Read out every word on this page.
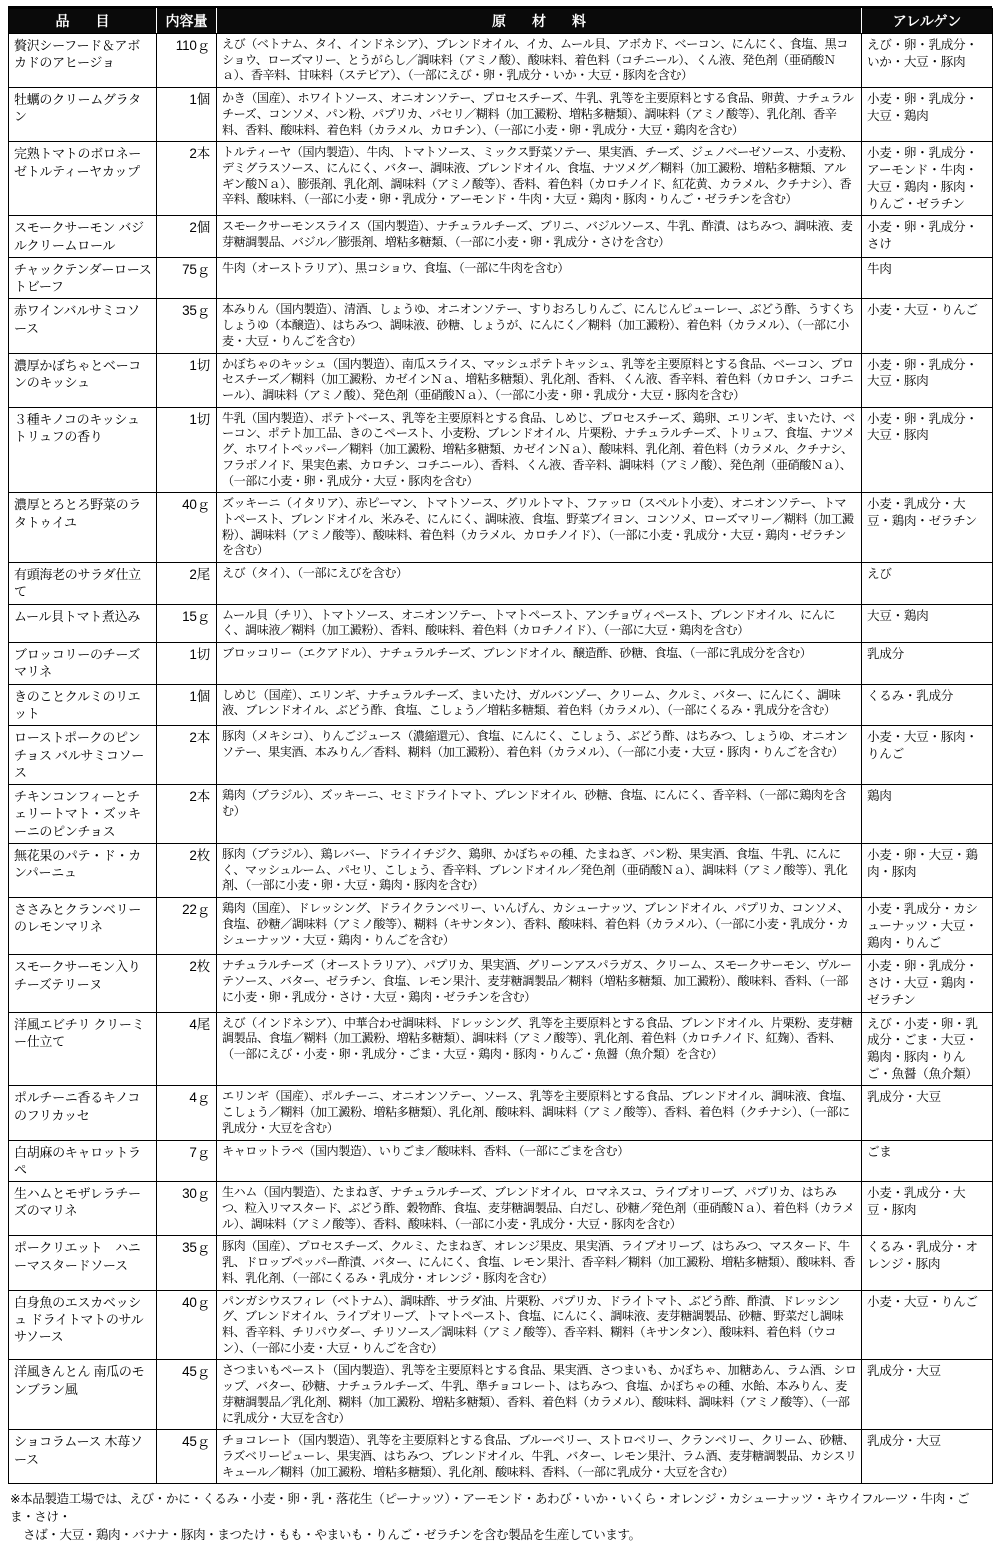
品　目	内容量	原　材　料	アレルゲン
贅沢シーフード＆アボカドのアヒージョ	110ｇ	えび（ベトナム、タイ、インドネシア）、ブレンドオイル、イカ、ムール貝、アボカド、ベーコン、にんにく、食塩、黒コショウ、ローズマリー、とうがらし／調味料（アミノ酸）、酸味料、着色料（コチニール）、くん液、発色剤（亜硝酸Ｎａ）、香辛料、甘味料（ステビア）、（一部にえび・卵・乳成分・いか・大豆・豚肉を含む）	えび・卵・乳成分・いか・大豆・豚肉
牡蠣のクリームグラタン	1個	かき（国産）、ホワイトソース、オニオンソテー、プロセスチーズ、牛乳、乳等を主要原料とする食品、卵黄、ナチュラルチーズ、コンソメ、パン粉、パプリカ、パセリ／糊料（加工澱粉、増粘多糖類）、調味料（アミノ酸等）、乳化剤、香辛料、香料、酸味料、着色料（カラメル、カロチン）、（一部に小麦・卵・乳成分・大豆・鶏肉を含む）	小麦・卵・乳成分・大豆・鶏肉
完熟トマトのボロネーゼトルティーヤカップ	2本	トルティーヤ（国内製造）、牛肉、トマトソース、ミックス野菜ソテー、果実酒、チーズ、ジェノベーゼソース、小麦粉、デミグラスソース、にんにく、バター、調味液、ブレンドオイル、食塩、ナツメグ／糊料（加工澱粉、増粘多糖類、アルギン酸Ｎａ）、膨張剤、乳化剤、調味料（アミノ酸等）、香料、着色料（カロチノイド、紅花黄、カラメル、クチナシ）、香辛料、酸味料、（一部に小麦・卵・乳成分・アーモンド・牛肉・大豆・鶏肉・豚肉・りんご・ゼラチンを含む）	小麦・卵・乳成分・アーモンド・牛肉・大豆・鶏肉・豚肉・りんご・ゼラチン
スモークサーモン バジルクリームロール	2個	スモークサーモンスライス（国内製造）、ナチュラルチーズ、ブリニ、バジルソース、牛乳、酢漬、はちみつ、調味液、麦芽糖調製品、バジル／膨張剤、増粘多糖類、（一部に小麦・卵・乳成分・さけを含む）	小麦・卵・乳成分・さけ
チャックテンダーローストビーフ	75ｇ	牛肉（オーストラリア）、黒コショウ、食塩、（一部に牛肉を含む）	牛肉
赤ワインバルサミコソース	35ｇ	本みりん（国内製造）、清酒、しょうゆ、オニオンソテー、すりおろしりんご、にんじんピューレー、ぶどう酢、うすくちしょうゆ（本醸造）、はちみつ、調味液、砂糖、しょうが、にんにく／糊料（加工澱粉）、着色料（カラメル）、（一部に小麦・大豆・りんごを含む）	小麦・大豆・りんご
濃厚かぼちゃとベーコンのキッシュ	1切	かぼちゃのキッシュ（国内製造）、南瓜スライス、マッシュポテトキッシュ、乳等を主要原料とする食品、ベーコン、プロセスチーズ／糊料（加工澱粉、カゼインＮａ、増粘多糖類）、乳化剤、香料、くん液、香辛料、着色料（カロチン、コチニール）、調味料（アミノ酸）、発色剤（亜硝酸Ｎａ）、（一部に小麦・卵・乳成分・大豆・豚肉を含む）	小麦・卵・乳成分・大豆・豚肉
３種キノコのキッシュ トリュフの香り	1切	牛乳（国内製造）、ポテトベース、乳等を主要原料とする食品、しめじ、プロセスチーズ、鶏卵、エリンギ、まいたけ、ベーコン、ポテト加工品、きのこペースト、小麦粉、ブレンドオイル、片栗粉、ナチュラルチーズ、トリュフ、食塩、ナツメグ、ホワイトペッパー／糊料（加工澱粉、増粘多糖類、カゼインＮａ）、酸味料、乳化剤、着色料（カラメル、クチナシ、フラボノイド、果実色素、カロチン、コチニール）、香料、くん液、香辛料、調味料（アミノ酸）、発色剤（亜硝酸Ｎａ）、（一部に小麦・卵・乳成分・大豆・豚肉を含む）	小麦・卵・乳成分・大豆・豚肉
濃厚とろとろ野菜のラタトゥイユ	40ｇ	ズッキーニ（イタリア）、赤ピーマン、トマトソース、グリルトマト、ファッロ（スペルト小麦）、オニオンソテー、トマトペースト、ブレンドオイル、米みそ、にんにく、調味液、食塩、野菜ブイヨン、コンソメ、ローズマリー／糊料（加工澱粉）、調味料（アミノ酸等）、酸味料、着色料（カラメル、カロチノイド）、（一部に小麦・乳成分・大豆・鶏肉・ゼラチンを含む）	小麦・乳成分・大豆・鶏肉・ゼラチン
有頭海老のサラダ仕立て	2尾	えび（タイ）、（一部にえびを含む）	えび
ムール貝トマト煮込み	15ｇ	ムール貝（チリ）、トマトソース、オニオンソテー、トマトペースト、アンチョヴィペースト、ブレンドオイル、にんにく、調味液／糊料（加工澱粉）、香料、酸味料、着色料（カロチノイド）、（一部に大豆・鶏肉を含む）	大豆・鶏肉
ブロッコリーのチーズマリネ	1切	ブロッコリー（エクアドル）、ナチュラルチーズ、ブレンドオイル、醸造酢、砂糖、食塩、（一部に乳成分を含む）	乳成分
きのことクルミのリエット	1個	しめじ（国産）、エリンギ、ナチュラルチーズ、まいたけ、ガルバンゾー、クリーム、クルミ、バター、にんにく、調味液、ブレンドオイル、ぶどう酢、食塩、こしょう／増粘多糖類、着色料（カラメル）、（一部にくるみ・乳成分を含む）	くるみ・乳成分
ローストポークのピンチョス バルサミコソース	2本	豚肉（メキシコ）、りんごジュース（濃縮還元）、食塩、にんにく、こしょう、ぶどう酢、はちみつ、しょうゆ、オニオンソテー、果実酒、本みりん／香料、糊料（加工澱粉）、着色料（カラメル）、（一部に小麦・大豆・豚肉・りんごを含む）	小麦・大豆・豚肉・りんご
チキンコンフィーとチェリートマト・ズッキーニのピンチョス	2本	鶏肉（ブラジル）、ズッキーニ、セミドライトマト、ブレンドオイル、砂糖、食塩、にんにく、香辛料、（一部に鶏肉を含む）	鶏肉
無花果のパテ・ド・カンパーニュ	2枚	豚肉（ブラジル）、鶏レバー、ドライイチジク、鶏卵、かぼちゃの種、たまねぎ、パン粉、果実酒、食塩、牛乳、にんにく、マッシュルーム、パセリ、こしょう、香辛料、ブレンドオイル／発色剤（亜硝酸Ｎａ）、調味料（アミノ酸等）、乳化剤、（一部に小麦・卵・大豆・鶏肉・豚肉を含む）	小麦・卵・大豆・鶏肉・豚肉
ささみとクランベリーのレモンマリネ	22ｇ	鶏肉（国産）、ドレッシング、ドライクランベリー、いんげん、カシューナッツ、ブレンドオイル、パプリカ、コンソメ、食塩、砂糖／調味料（アミノ酸等）、糊料（キサンタン）、香料、酸味料、着色料（カラメル）、（一部に小麦・乳成分・カシューナッツ・大豆・鶏肉・りんごを含む）	小麦・乳成分・カシューナッツ・大豆・鶏肉・りんご
スモークサーモン入りチーズテリーヌ	2枚	ナチュラルチーズ（オーストラリア）、パプリカ、果実酒、グリーンアスパラガス、クリーム、スモークサーモン、ヴルーテソース、バター、ゼラチン、食塩、レモン果汁、麦芽糖調製品／糊料（増粘多糖類、加工澱粉）、酸味料、香料、（一部に小麦・卵・乳成分・さけ・大豆・鶏肉・ゼラチンを含む）	小麦・卵・乳成分・さけ・大豆・鶏肉・ゼラチン
洋風エビチリ クリーミー仕立て	4尾	えび（インドネシア）、中華合わせ調味料、ドレッシング、乳等を主要原料とする食品、ブレンドオイル、片栗粉、麦芽糖調製品、食塩／糊料（加工澱粉、増粘多糖類）、調味料（アミノ酸等）、乳化剤、着色料（カロチノイド、紅麹）、香料、（一部にえび・小麦・卵・乳成分・ごま・大豆・鶏肉・豚肉・りんご・魚醤（魚介類）を含む）	えび・小麦・卵・乳成分・ごま・大豆・鶏肉・豚肉・りんご・魚醤（魚介類）
ポルチーニ香るキノコのフリカッセ	4ｇ	エリンギ（国産）、ポルチーニ、オニオンソテー、ソース、乳等を主要原料とする食品、ブレンドオイル、調味液、食塩、こしょう／糊料（加工澱粉、増粘多糖類）、乳化剤、酸味料、調味料（アミノ酸等）、香料、着色料（クチナシ）、（一部に乳成分・大豆を含む）	乳成分・大豆
白胡麻のキャロットラペ	7ｇ	キャロットラペ（国内製造）、いりごま／酸味料、香料、（一部にごまを含む）	ごま
生ハムとモザレラチーズのマリネ	30ｇ	生ハム（国内製造）、たまねぎ、ナチュラルチーズ、ブレンドオイル、ロマネスコ、ライプオリーブ、パプリカ、はちみつ、粒入リマスタード、ぶどう酢、穀物酢、食塩、麦芽糖調製品、白だし、砂糖／発色剤（亜硝酸Ｎａ）、着色料（カラメル）、調味料（アミノ酸等）、香料、酸味料、（一部に小麦・乳成分・大豆・豚肉を含む）	小麦・乳成分・大豆・豚肉
ポークリエット　ハニーマスタードソース	35ｇ	豚肉（国産）、プロセスチーズ、クルミ、たまねぎ、オレンジ果皮、果実酒、ライプオリーブ、はちみつ、マスタード、牛乳、ドロップペッパー酢漬、バター、にんにく、食塩、レモン果汁、香辛料／糊料（加工澱粉、増粘多糖類）、酸味料、香料、乳化剤、（一部にくるみ・乳成分・オレンジ・豚肉を含む）	くるみ・乳成分・オレンジ・豚肉
白身魚のエスカベッシュ ドライトマトのサルサソース	40ｇ	パンガシウスフィレ（ベトナム）、調味酢、サラダ油、片栗粉、パプリカ、ドライトマト、ぶどう酢、酢漬、ドレッシング、ブレンドオイル、ライプオリーブ、トマトペースト、食塩、にんにく、調味液、麦芽糖調製品、砂糖、野菜だし調味料、香辛料、チリパウダー、チリソース／調味料（アミノ酸等）、香辛料、糊料（キサンタン）、酸味料、着色料（ウコン）、（一部に小麦・大豆・りんごを含む）	小麦・大豆・りんご
洋風きんとん 南瓜のモンブラン風	45ｇ	さつまいもペースト（国内製造）、乳等を主要原料とする食品、果実酒、さつまいも、かぼちゃ、加糖あん、ラム酒、シロップ、バター、砂糖、ナチュラルチーズ、牛乳、準チョコレート、はちみつ、食塩、かぼちゃの種、水飴、本みりん、麦芽糖調製品／乳化剤、糊料（加工澱粉、増粘多糖類）、香料、着色料（カラメル）、酸味料、調味料（アミノ酸等）、（一部に乳成分・大豆を含む）	乳成分・大豆
ショコラムース 木苺ソース	45ｇ	チョコレート（国内製造）、乳等を主要原料とする食品、ブルーベリー、ストロベリー、クランベリー、クリーム、砂糖、ラズベリーピューレ、果実酒、はちみつ、ブレンドオイル、牛乳、バター、レモン果汁、ラム酒、麦芽糖調製品、カシスリキュール／糊料（加工澱粉、増粘多糖類）、乳化剤、酸味料、香料、（一部に乳成分・大豆を含む）	乳成分・大豆
※本品製造工場では、えび・かに・くるみ・小麦・卵・乳・落花生（ピーナッツ）・アーモンド・あわび・いか・いくら・オレンジ・カシューナッツ・キウイフルーツ・牛肉・ごま・さけ・
さば・大豆・鶏肉・バナナ・豚肉・まつたけ・もも・やまいも・りんご・ゼラチンを含む製品を生産しています。
